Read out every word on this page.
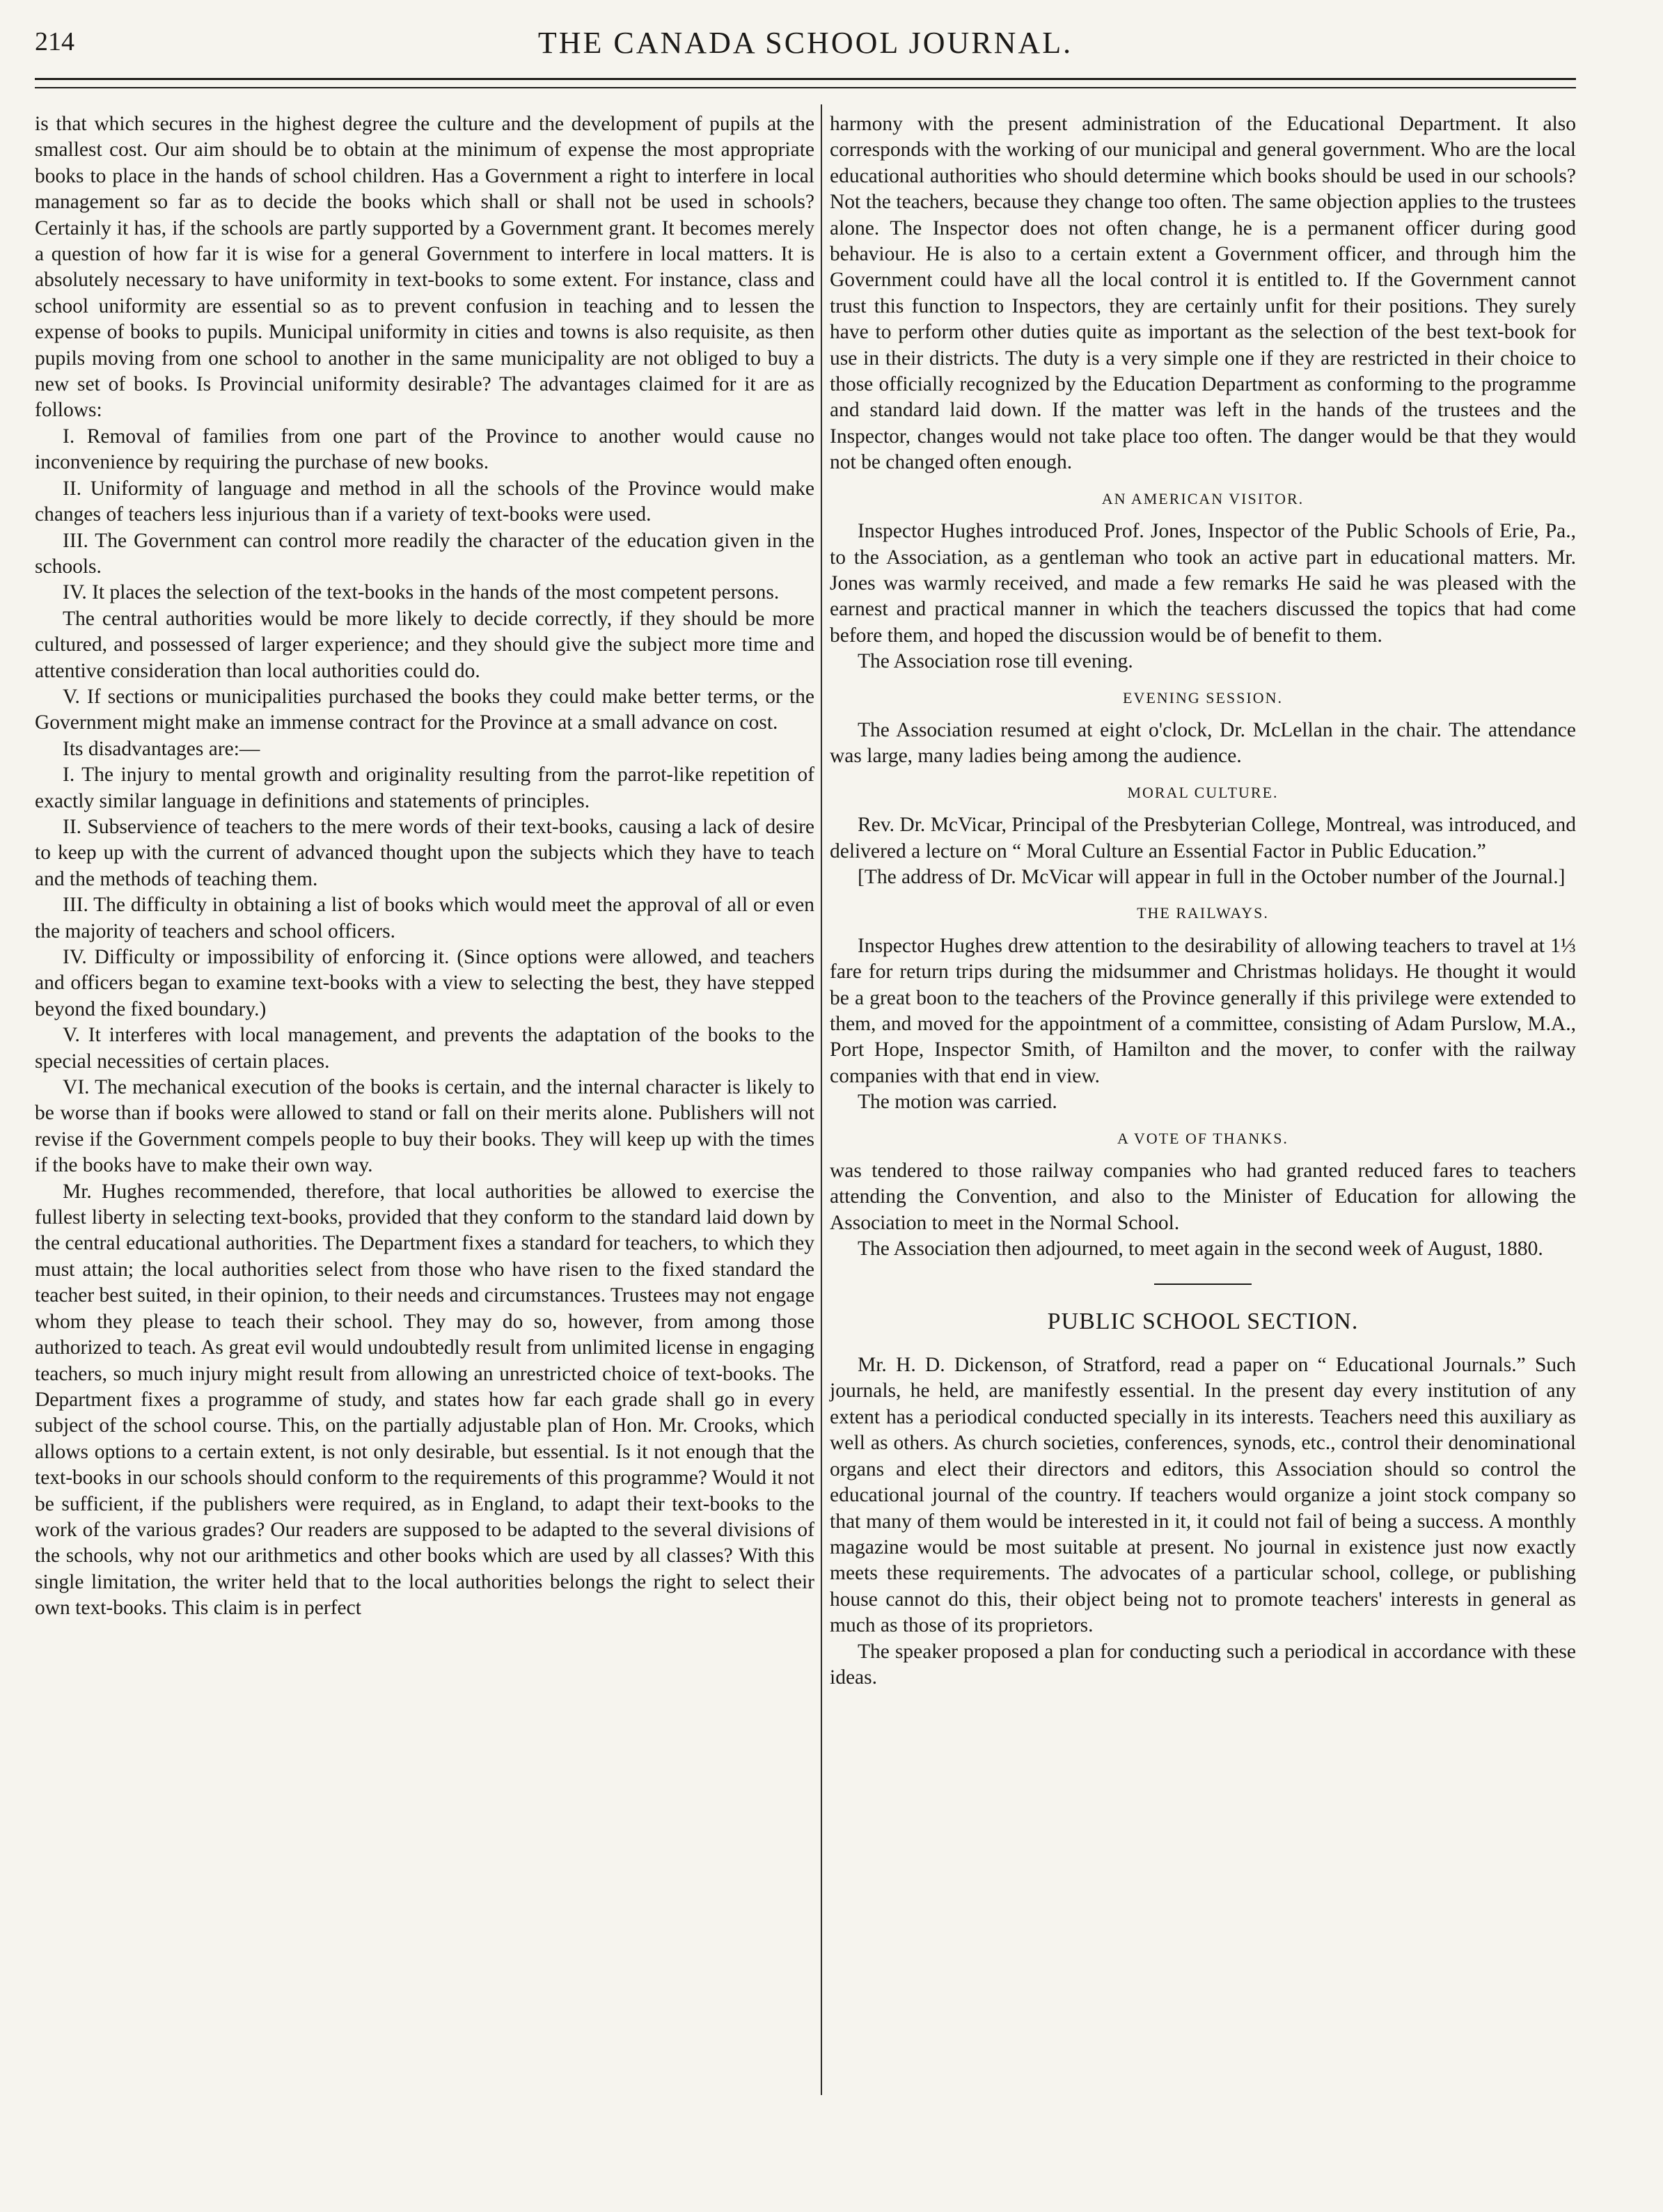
214	THE CANADA SCHOOL JOURNAL.

is that which secures in the highest degree the culture and the development of pupils at the smallest cost. Our aim should be to obtain at the minimum of expense the most appropriate books to place in the hands of school children. Has a Government a right to interfere in local management so far as to decide the books which shall or shall not be used in schools? Certainly it has, if the schools are partly supported by a Government grant. It becomes merely a question of how far it is wise for a general Government to interfere in local matters. It is absolutely necessary to have uniformity in text-books to some extent. For instance, class and school uniformity are essential so as to prevent confusion in teaching and to lessen the expense of books to pupils. Municipal uniformity in cities and towns is also requisite, as then pupils moving from one school to another in the same municipality are not obliged to buy a new set of books. Is Provincial uniformity desirable? The advantages claimed for it are as follows:

I. Removal of families from one part of the Province to another would cause no inconvenience by requiring the purchase of new books.

II. Uniformity of language and method in all the schools of the Province would make changes of teachers less injurious than if a variety of text-books were used.

III. The Government can control more readily the character of the education given in the schools.

IV. It places the selection of the text-books in the hands of the most competent persons.

The central authorities would be more likely to decide correctly, if they should be more cultured, and possessed of larger experience; and they should give the subject more time and attentive consideration than local authorities could do.

V. If sections or municipalities purchased the books they could make better terms, or the Government might make an immense contract for the Province at a small advance on cost.

Its disadvantages are:—

I. The injury to mental growth and originality resulting from the parrot-like repetition of exactly similar language in definitions and statements of principles.

II. Subservience of teachers to the mere words of their text-books, causing a lack of desire to keep up with the current of advanced thought upon the subjects which they have to teach and the methods of teaching them.

III. The difficulty in obtaining a list of books which would meet the approval of all or even the majority of teachers and school officers.

IV. Difficulty or impossibility of enforcing it. (Since options were allowed, and teachers and officers began to examine text-books with a view to selecting the best, they have stepped beyond the fixed boundary.)

V. It interferes with local management, and prevents the adaptation of the books to the special necessities of certain places.

VI. The mechanical execution of the books is certain, and the internal character is likely to be worse than if books were allowed to stand or fall on their merits alone. Publishers will not revise if the Government compels people to buy their books. They will keep up with the times if the books have to make their own way.

Mr. Hughes recommended, therefore, that local authorities be allowed to exercise the fullest liberty in selecting text-books, provided that they conform to the standard laid down by the central educational authorities. The Department fixes a standard for teachers, to which they must attain; the local authorities select from those who have risen to the fixed standard the teacher best suited, in their opinion, to their needs and circumstances. Trustees may not engage whom they please to teach their school. They may do so, however, from among those authorized to teach. As great evil would undoubtedly result from unlimited license in engaging teachers, so much injury might result from allowing an unrestricted choice of text-books. The Department fixes a programme of study, and states how far each grade shall go in every subject of the school course. This, on the partially adjustable plan of Hon. Mr. Crooks, which allows options to a certain extent, is not only desirable, but essential. Is it not enough that the text-books in our schools should conform to the requirements of this programme? Would it not be sufficient, if the publishers were required, as in England, to adapt their text-books to the work of the various grades? Our readers are supposed to be adapted to the several divisions of the schools, why not our arithmetics and other books which are used by all classes? With this single limitation, the writer held that to the local authorities belongs the right to select their own text-books. This claim is in perfect

harmony with the present administration of the Educational Department. It also corresponds with the working of our municipal and general government. Who are the local educational authorities who should determine which books should be used in our schools? Not the teachers, because they change too often. The same objection applies to the trustees alone. The Inspector does not often change, he is a permanent officer during good behaviour. He is also to a certain extent a Government officer, and through him the Government could have all the local control it is entitled to. If the Government cannot trust this function to Inspectors, they are certainly unfit for their positions. They surely have to perform other duties quite as important as the selection of the best text-book for use in their districts. The duty is a very simple one if they are restricted in their choice to those officially recognized by the Education Department as conforming to the programme and standard laid down. If the matter was left in the hands of the trustees and the Inspector, changes would not take place too often. The danger would be that they would not be changed often enough.

AN AMERICAN VISITOR.

Inspector Hughes introduced Prof. Jones, Inspector of the Public Schools of Erie, Pa., to the Association, as a gentleman who took an active part in educational matters. Mr. Jones was warmly received, and made a few remarks He said he was pleased with the earnest and practical manner in which the teachers discussed the topics that had come before them, and hoped the discussion would be of benefit to them.

The Association rose till evening.

EVENING SESSION.

The Association resumed at eight o'clock, Dr. McLellan in the chair. The attendance was large, many ladies being among the audience.

MORAL CULTURE.

Rev. Dr. McVicar, Principal of the Presbyterian College, Montreal, was introduced, and delivered a lecture on “ Moral Culture an Essential Factor in Public Education.”

[The address of Dr. McVicar will appear in full in the October number of the Journal.]

THE RAILWAYS.

Inspector Hughes drew attention to the desirability of allowing teachers to travel at 1⅓ fare for return trips during the midsummer and Christmas holidays. He thought it would be a great boon to the teachers of the Province generally if this privilege were extended to them, and moved for the appointment of a committee, consisting of Adam Purslow, M.A., Port Hope, Inspector Smith, of Hamilton and the mover, to confer with the railway companies with that end in view.

The motion was carried.

A VOTE OF THANKS.

was tendered to those railway companies who had granted reduced fares to teachers attending the Convention, and also to the Minister of Education for allowing the Association to meet in the Normal School.

The Association then adjourned, to meet again in the second week of August, 1880.

PUBLIC SCHOOL SECTION.

Mr. H. D. Dickenson, of Stratford, read a paper on “ Educational Journals.” Such journals, he held, are manifestly essential. In the present day every institution of any extent has a periodical conducted specially in its interests. Teachers need this auxiliary as well as others. As church societies, conferences, synods, etc., control their denominational organs and elect their directors and editors, this Association should so control the educational journal of the country. If teachers would organize a joint stock company so that many of them would be interested in it, it could not fail of being a success. A monthly magazine would be most suitable at present. No journal in existence just now exactly meets these requirements. The advocates of a particular school, college, or publishing house cannot do this, their object being not to promote teachers' interests in general as much as those of its proprietors.

The speaker proposed a plan for conducting such a periodical in accordance with these ideas.
